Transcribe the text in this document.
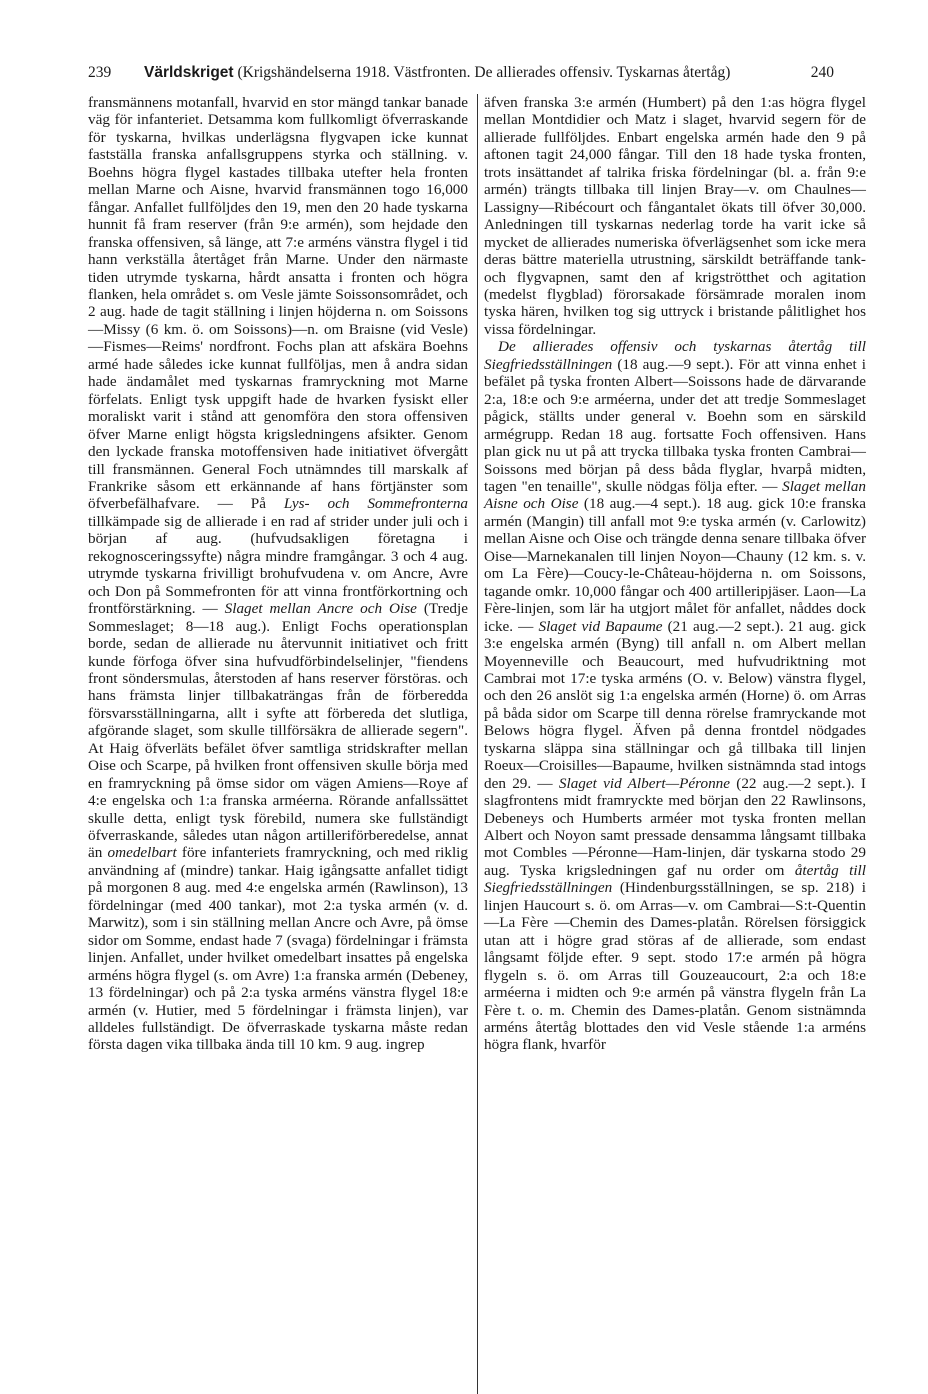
239 Världskriget (Krigshändelserna 1918. Västfronten. De allierades offensiv. Tyskarnas återtåg)	240

fransmännens motanfall, hvarvid en stor mängd tankar banade väg för infanteriet. Detsamma kom fullkomligt öfverraskande för tyskarna, hvilkas underlägsna flygvapen icke kunnat fastställa franska anfallsgruppens styrka och ställning. v. Boehns högra flygel kastades tillbaka utefter hela fronten mellan Marne och Aisne, hvarvid fransmännen togo 16,000 fångar. Anfallet fullföljdes den 19, men den 20 hade tyskarna hunnit få fram reserver (från 9:e armén), som hejdade den franska offensiven, så länge, att 7:e arméns vänstra flygel i tid hann verkställa återtåget från Marne. Under den närmaste tiden utrymde tyskarna, hårdt ansatta i fronten och högra flanken, hela området s. om Vesle jämte Soissonsområdet, och 2 aug. hade de tagit ställning i linjen höjderna n. om Soissons—Missy (6 km. ö. om Soissons)—n. om Braisne (vid Vesle)—Fismes—Reims' nordfront. Fochs plan att afskära Boehns armé hade således icke kunnat fullföljas, men å andra sidan hade ändamålet med tyskarnas framryckning mot Marne förfelats. Enligt tysk uppgift hade de hvarken fysiskt eller moraliskt varit i stånd att genomföra den stora offensiven öfver Marne enligt högsta krigsledningens afsikter. Genom den lyckade franska motoffensiven hade initiativet öfvergått till fransmännen. General Foch utnämndes till marskalk af Frankrike såsom ett erkännande af hans förtjänster som öfverbefälhafvare. — På Lys- och Sommefronterna tillkämpade sig de allierade i en rad af strider under juli och i början af aug. (hufvudsakligen företagna i rekognosceringssyfte) några mindre framgångar. 3 och 4 aug. utrymde tyskarna frivilligt brohufvudena v. om Ancre, Avre och Don på Sommefronten för att vinna frontförkortning och frontförstärkning. — Slaget mellan Ancre och Oise (Tredje Sommeslaget; 8—18 aug.). Enligt Fochs operationsplan borde, sedan de allierade nu återvunnit initiativet och fritt kunde förfoga öfver sina hufvudförbindelselinjer, "fiendens front söndersmulas, återstoden af hans reserver förstöras. och hans främsta linjer tillbakaträngas från de förberedda försvarsställningarna, allt i syfte att förbereda det slutliga, afgörande slaget, som skulle tillförsäkra de allierade segern". At Haig öfverläts befälet öfver samtliga stridskrafter mellan Oise och Scarpe, på hvilken front offensiven skulle börja med en framryckning på ömse sidor om vägen Amiens—Roye af 4:e engelska och 1:a franska arméerna. Rörande anfallssättet skulle detta, enligt tysk förebild, numera ske fullständigt öfverraskande, således utan någon artilleriförberedelse, annat än omedelbart före infanteriets framryckning, och med riklig användning af (mindre) tankar. Haig igångsatte anfallet tidigt på morgonen 8 aug. med 4:e engelska armén (Rawlinson), 13 fördelningar (med 400 tankar), mot 2:a tyska armén (v. d. Marwitz), som i sin ställning mellan Ancre och Avre, på ömse sidor om Somme, endast hade 7 (svaga) fördelningar i främsta linjen. Anfallet, under hvilket omedelbart insattes på engelska arméns högra flygel (s. om Avre) 1:a franska armén (Debeney, 13 fördelningar) och på 2:a tyska arméns vänstra flygel 18:e armén (v. Hutier, med 5 fördelningar i främsta linjen), var alldeles fullständigt. De öfverraskade tyskarna måste redan första dagen vika tillbaka ända till 10 km. 9 aug. ingrep

äfven franska 3:e armén (Humbert) på den 1:as högra flygel mellan Montdidier och Matz i slaget, hvarvid segern för de allierade fullföljdes. Enbart engelska armén hade den 9 på aftonen tagit 24,000 fångar. Till den 18 hade tyska fronten, trots insättandet af talrika friska fördelningar (bl. a. från 9:e armén) trängts tillbaka till linjen Bray—v. om Chaulnes—Lassigny—Ribécourt och fångantalet ökats till öfver 30,000. Anledningen till tyskarnas nederlag torde ha varit icke så mycket de allierades numeriska öfverlägsenhet som icke mera deras bättre materiella utrustning, särskildt beträffande tank- och flygvapnen, samt den af krigströtthet och agitation (medelst flygblad) förorsakade försämrade moralen inom tyska hären, hvilken tog sig uttryck i bristande pålitlighet hos vissa fördelningar.

De allierades offensiv och tyskarnas återtåg till Siegfriedsställningen (18 aug.—9 sept.). För att vinna enhet i befälet på tyska fronten Albert—Soissons hade de därvarande 2:a, 18:e och 9:e arméerna, under det att tredje Sommeslaget pågick, ställts under general v. Boehn som en särskild armégrupp. Redan 18 aug. fortsatte Foch offensiven. Hans plan gick nu ut på att trycka tillbaka tyska fronten Cambrai—Soissons med början på dess båda flyglar, hvarpå midten, tagen "en tenaille", skulle nödgas följa efter. — Slaget mellan Aisne och Oise (18 aug.—4 sept.). 18 aug. gick 10:e franska armén (Mangin) till anfall mot 9:e tyska armén (v. Carlowitz) mellan Aisne och Oise och trängde denna senare tillbaka öfver Oise—Marnekanalen till linjen Noyon—Chauny (12 km. s. v. om La Fère)—Coucy-le-Château-höjderna n. om Soissons, tagande omkr. 10,000 fångar och 400 artilleripjäser. Laon—La Fère-linjen, som lär ha utgjort målet för anfallet, nåddes dock icke. — Slaget vid Bapaume (21 aug.—2 sept.). 21 aug. gick 3:e engelska armén (Byng) till anfall n. om Albert mellan Moyenneville och Beaucourt, med hufvudriktning mot Cambrai mot 17:e tyska arméns (O. v. Below) vänstra flygel, och den 26 anslöt sig 1:a engelska armén (Horne) ö. om Arras på båda sidor om Scarpe till denna rörelse framryckande mot Belows högra flygel. Äfven på denna frontdel nödgades tyskarna släppa sina ställningar och gå tillbaka till linjen Roeux—Croisilles—Bapaume, hvilken sistnämnda stad intogs den 29. — Slaget vid Albert—Péronne (22 aug.—2 sept.). I slagfrontens midt framryckte med början den 22 Rawlinsons, Debeneys och Humberts arméer mot tyska fronten mellan Albert och Noyon samt pressade densamma långsamt tillbaka mot Combles —Péronne—Ham-linjen, där tyskarna stodo 29 aug. Tyska krigsledningen gaf nu order om återtåg till Siegfriedsställningen (Hindenburgsställningen, se sp. 218) i linjen Haucourt s. ö. om Arras—v. om Cambrai—S:t-Quentin—La Fère —Chemin des Dames-platån. Rörelsen försiggick utan att i högre grad störas af de allierade, som endast långsamt följde efter. 9 sept. stodo 17:e armén på högra flygeln s. ö. om Arras till Gouzeaucourt, 2:a och 18:e arméerna i midten och 9:e armén på vänstra flygeln från La Fère t. o. m. Chemin des Dames-platån. Genom sistnämnda arméns återtåg blottades den vid Vesle stående 1:a arméns högra flank, hvarför
